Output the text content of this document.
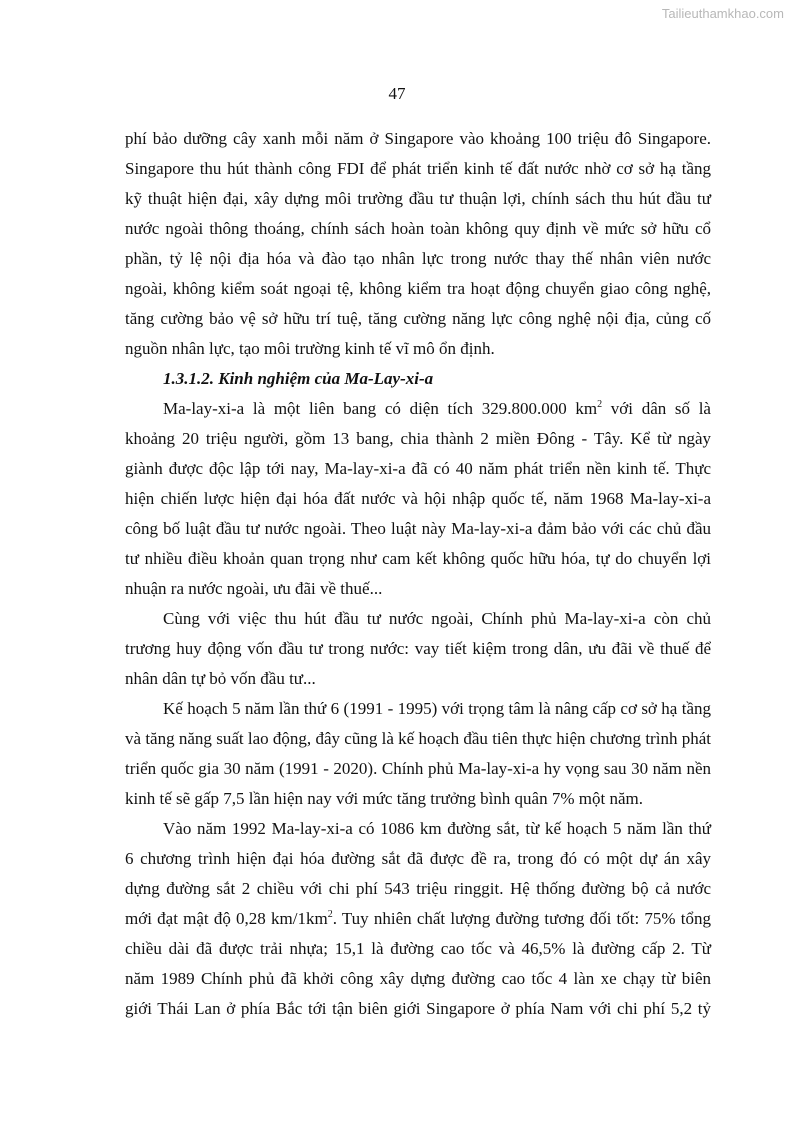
Tailieuthamkhao.com
47

phí bảo dưỡng cây xanh mỗi năm ở Singapore vào khoảng 100 triệu đô Singapore.

Singapore thu hút thành công FDI để phát triển kinh tế đất nước nhờ cơ sở hạ tầng

kỹ thuật hiện đại, xây dựng môi trường đầu tư thuận lợi, chính sách thu hút đầu tư

nước ngoài thông thoáng, chính sách hoàn toàn không quy định về mức sở hữu cổ

phần, tỷ lệ nội địa hóa và đào tạo nhân lực trong nước thay thế nhân viên nước

ngoài, không kiểm soát ngoại tệ, không kiểm tra hoạt động chuyển giao công nghệ,

tăng cường bảo vệ sở hữu trí tuệ, tăng cường năng lực công nghệ nội địa, củng cố

nguồn nhân lực, tạo môi trường kinh tế vĩ mô ổn định.

1.3.1.2. Kinh nghiệm của Ma-Lay-xi-a

Ma-lay-xi-a là một liên bang có diện tích 329.800.000 $km^2$ với dân số là

khoảng 20 triệu người, gồm 13 bang, chia thành 2 miền Đông - Tây. Kể từ ngày

giành được độc lập tới nay, Ma-lay-xi-a đã có 40 năm phát triển nền kinh tế. Thực

hiện chiến lược hiện đại hóa đất nước và hội nhập quốc tế, năm 1968 Ma-lay-xi-a

công bố luật đầu tư nước ngoài. Theo luật này Ma-lay-xi-a đảm bảo với các chủ đầu

tư nhiều điều khoản quan trọng như cam kết không quốc hữu hóa, tự do chuyển lợi

nhuận ra nước ngoài, ưu đãi về thuế...

Cùng với việc thu hút đầu tư nước ngoài, Chính phủ Ma-lay-xi-a còn chủ

trương huy động vốn đầu tư trong nước: vay tiết kiệm trong dân, ưu đãi về thuế để

nhân dân tự bỏ vốn đầu tư...

Kế hoạch 5 năm lần thứ 6 (1991 - 1995) với trọng tâm là nâng cấp cơ sở hạ tầng

và tăng năng suất lao động, đây cũng là kế hoạch đầu tiên thực hiện chương trình phát

triển quốc gia 30 năm (1991 - 2020). Chính phủ Ma-lay-xi-a hy vọng sau 30 năm nền

kinh tế sẽ gấp 7,5 lần hiện nay với mức tăng trưởng bình quân 7% một năm.

Vào năm 1992 Ma-lay-xi-a có 1086 km đường sắt, từ kế hoạch 5 năm lần thứ

6 chương trình hiện đại hóa đường sắt đã được đề ra, trong đó có một dự án xây

dựng đường sắt 2 chiều với chi phí 543 triệu ringgit. Hệ thống đường bộ cả nước

mới đạt mật độ 0,28 $km/1km^2$. Tuy nhiên chất lượng đường tương đối tốt: 75% tổng

chiều dài đã được trải nhựa; 15,1 là đường cao tốc và 46,5% là đường cấp 2. Từ

năm 1989 Chính phủ đã khởi công xây dựng đường cao tốc 4 làn xe chạy từ biên

giới Thái Lan ở phía Bắc tới tận biên giới Singapore ở phía Nam với chi phí 5,2 tỷ
